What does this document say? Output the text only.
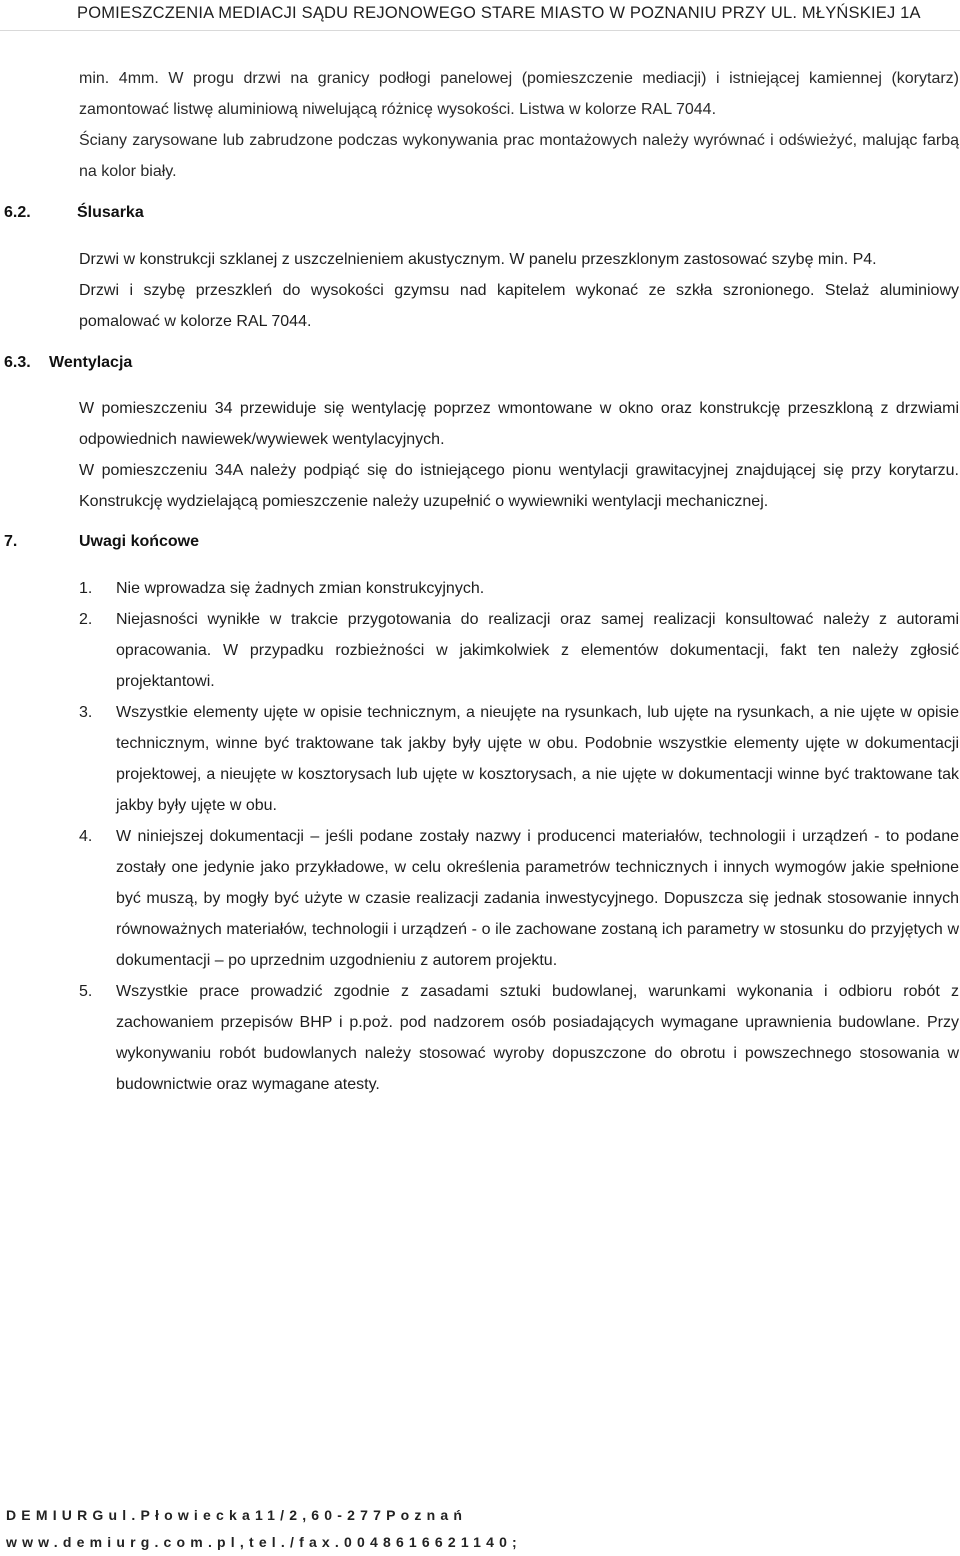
POMIESZCZENIA MEDIACJI SĄDU REJONOWEGO STARE MIASTO W POZNANIU PRZY UL. MŁYŃSKIEJ 1A

min. 4mm. W progu drzwi na granicy podłogi panelowej (pomieszczenie mediacji) i istniejącej kamiennej (korytarz) zamontować listwę aluminiową niwelującą różnicę wysokości. Listwa w kolorze RAL 7044.

Ściany zarysowane lub zabrudzone podczas wykonywania prac montażowych należy wyrównać i odświeżyć, malując farbą na kolor biały.

6.2.	Ślusarka

Drzwi w konstrukcji szklanej z uszczelnieniem akustycznym. W panelu przeszklonym zastosować szybę min. P4.

Drzwi i szybę przeszkleń do wysokości gzymsu nad kapitelem wykonać ze szkła szronionego. Stelaż aluminiowy pomalować w kolorze RAL 7044.

6.3. Wentylacja

W pomieszczeniu 34 przewiduje się wentylację poprzez wmontowane w okno oraz konstrukcję przeszkloną z drzwiami odpowiednich nawiewek/wywiewek wentylacyjnych.

W pomieszczeniu 34A należy podpiąć się do istniejącego pionu wentylacji grawitacyjnej znajdującej się przy korytarzu. Konstrukcję wydzielającą pomieszczenie należy uzupełnić o wywiewniki wentylacji mechanicznej.

7.	Uwagi końcowe
1. Nie wprowadza się żadnych zmian konstrukcyjnych.
2. Niejasności wynikłe w trakcie przygotowania do realizacji oraz samej realizacji konsultować należy z autorami opracowania. W przypadku rozbieżności w jakimkolwiek z elementów dokumentacji, fakt ten należy zgłosić projektantowi.
3. Wszystkie elementy ujęte w opisie technicznym, a nieujęte na rysunkach, lub ujęte na rysunkach, a nie ujęte w opisie technicznym, winne być traktowane tak jakby były ujęte w obu. Podobnie wszystkie elementy ujęte w dokumentacji projektowej, a nieujęte w kosztorysach lub ujęte w kosztorysach, a nie ujęte w dokumentacji winne być traktowane tak jakby były ujęte w obu.
4. W niniejszej dokumentacji – jeśli podane zostały nazwy i producenci materiałów, technologii i urządzeń - to podane zostały one jedynie jako przykładowe, w celu określenia parametrów technicznych i innych wymogów jakie spełnione być muszą, by mogły być użyte w czasie realizacji zadania inwestycyjnego. Dopuszcza się jednak stosowanie innych równoważnych materiałów, technologii i urządzeń - o ile zachowane zostaną ich parametry w stosunku do przyjętych w dokumentacji – po uprzednim uzgodnieniu z autorem projektu.
5. Wszystkie prace prowadzić zgodnie z zasadami sztuki budowlanej, warunkami wykonania i odbioru robót z zachowaniem przepisów BHP i p.poż. pod nadzorem osób posiadających wymagane uprawnienia budowlane. Przy wykonywaniu robót budowlanych należy stosować wyroby dopuszczone do obrotu i powszechnego stosowania w budownictwie oraz wymagane atesty.
DEMIURGul.Płowiecka11/2,60-277Poznań
www.demiurg.com.pl,tel./fax.0048616621140;
